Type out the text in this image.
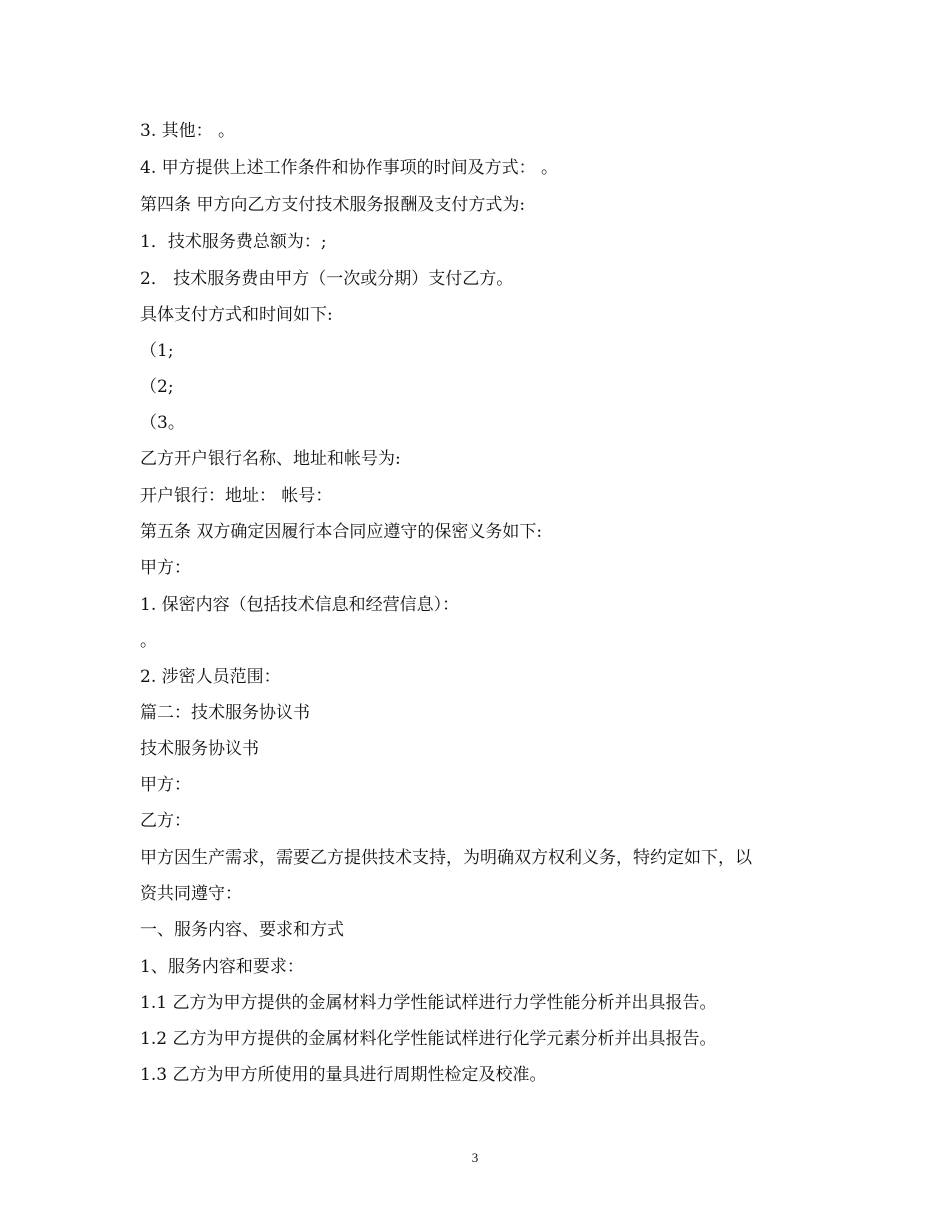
3. 其他： 。
4. 甲方提供上述工作条件和协作事项的时间及方式： 。
第四条 甲方向乙方支付技术服务报酬及支付方式为:
1．技术服务费总额为：;
2． 技术服务费由甲方（一次或分期）支付乙方。
具体支付方式和时间如下:
（1;
（2;
（3。
乙方开户银行名称、地址和帐号为:
开户银行：地址： 帐号：
第五条 双方确定因履行本合同应遵守的保密义务如下:
甲方：
1. 保密内容（包括技术信息和经营信息）：
。
2. 涉密人员范围：
篇二：技术服务协议书
技术服务协议书
甲方：
乙方：
甲方因生产需求，需要乙方提供技术支持，为明确双方权利义务，特约定如下，以
资共同遵守：
一、服务内容、要求和方式
1、服务内容和要求：
1.1 乙方为甲方提供的金属材料力学性能试样进行力学性能分析并出具报告。
1.2 乙方为甲方提供的金属材料化学性能试样进行化学元素分析并出具报告。
1.3 乙方为甲方所使用的量具进行周期性检定及校准。
3
